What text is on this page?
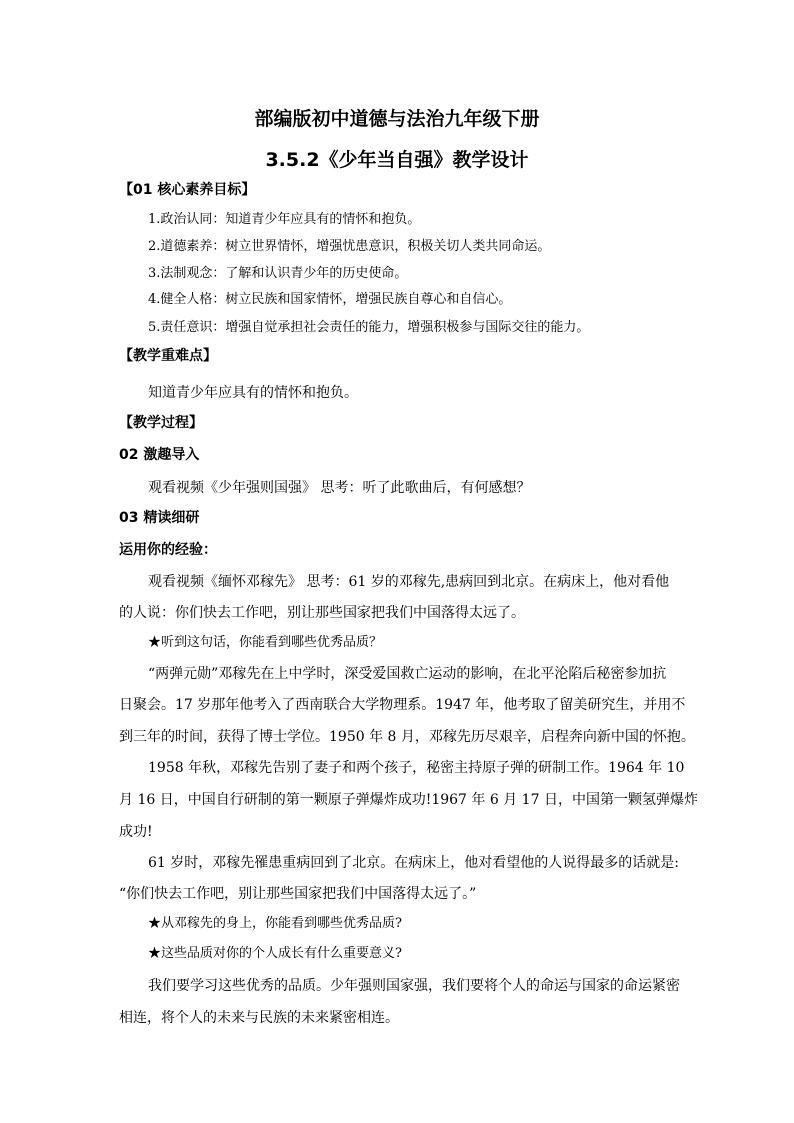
部编版初中道德与法治九年级下册
3.5.2《少年当自强》教学设计
【01 核心素养目标】
1.政治认同：知道青少年应具有的情怀和抱负。
2.道德素养：树立世界情怀，增强忧患意识，积极关切人类共同命运。
3.法制观念：了解和认识青少年的历史使命。
4.健全人格：树立民族和国家情怀，增强民族自尊心和自信心。
5.责任意识：增强自觉承担社会责任的能力，增强积极参与国际交往的能力。
【教学重难点】
知道青少年应具有的情怀和抱负。
【教学过程】
02 激趣导入
观看视频《少年强则国强》 思考：听了此歌曲后，有何感想？
03 精读细研
运用你的经验：
观看视频《缅怀邓稼先》 思考：61 岁的邓稼先,患病回到北京。在病床上，他对看他
的人说：你们快去工作吧，别让那些国家把我们中国落得太远了。
★听到这句话，你能看到哪些优秀品质？
“两弹元勋”邓稼先在上中学时，深受爱国救亡运动的影响，在北平沦陷后秘密参加抗
日聚会。17 岁那年他考入了西南联合大学物理系。1947 年，他考取了留美研究生，并用不
到三年的时间，获得了博士学位。1950 年 8 月，邓稼先历尽艰辛，启程奔向新中国的怀抱。
1958 年秋，邓稼先告别了妻子和两个孩子，秘密主持原子弹的研制工作。1964 年 10
月 16 日，中国自行研制的第一颗原子弹爆炸成功!1967 年 6 月 17 日，中国第一颗氢弹爆炸
成功!
61 岁时，邓稼先罹患重病回到了北京。在病床上，他对看望他的人说得最多的话就是:
“你们快去工作吧，别让那些国家把我们中国落得太远了。”
★从邓稼先的身上，你能看到哪些优秀品质?
★这些品质对你的个人成长有什么重要意义?
我们要学习这些优秀的品质。少年强则国家强，我们要将个人的命运与国家的命运紧密
相连，将个人的未来与民族的未来紧密相连。
